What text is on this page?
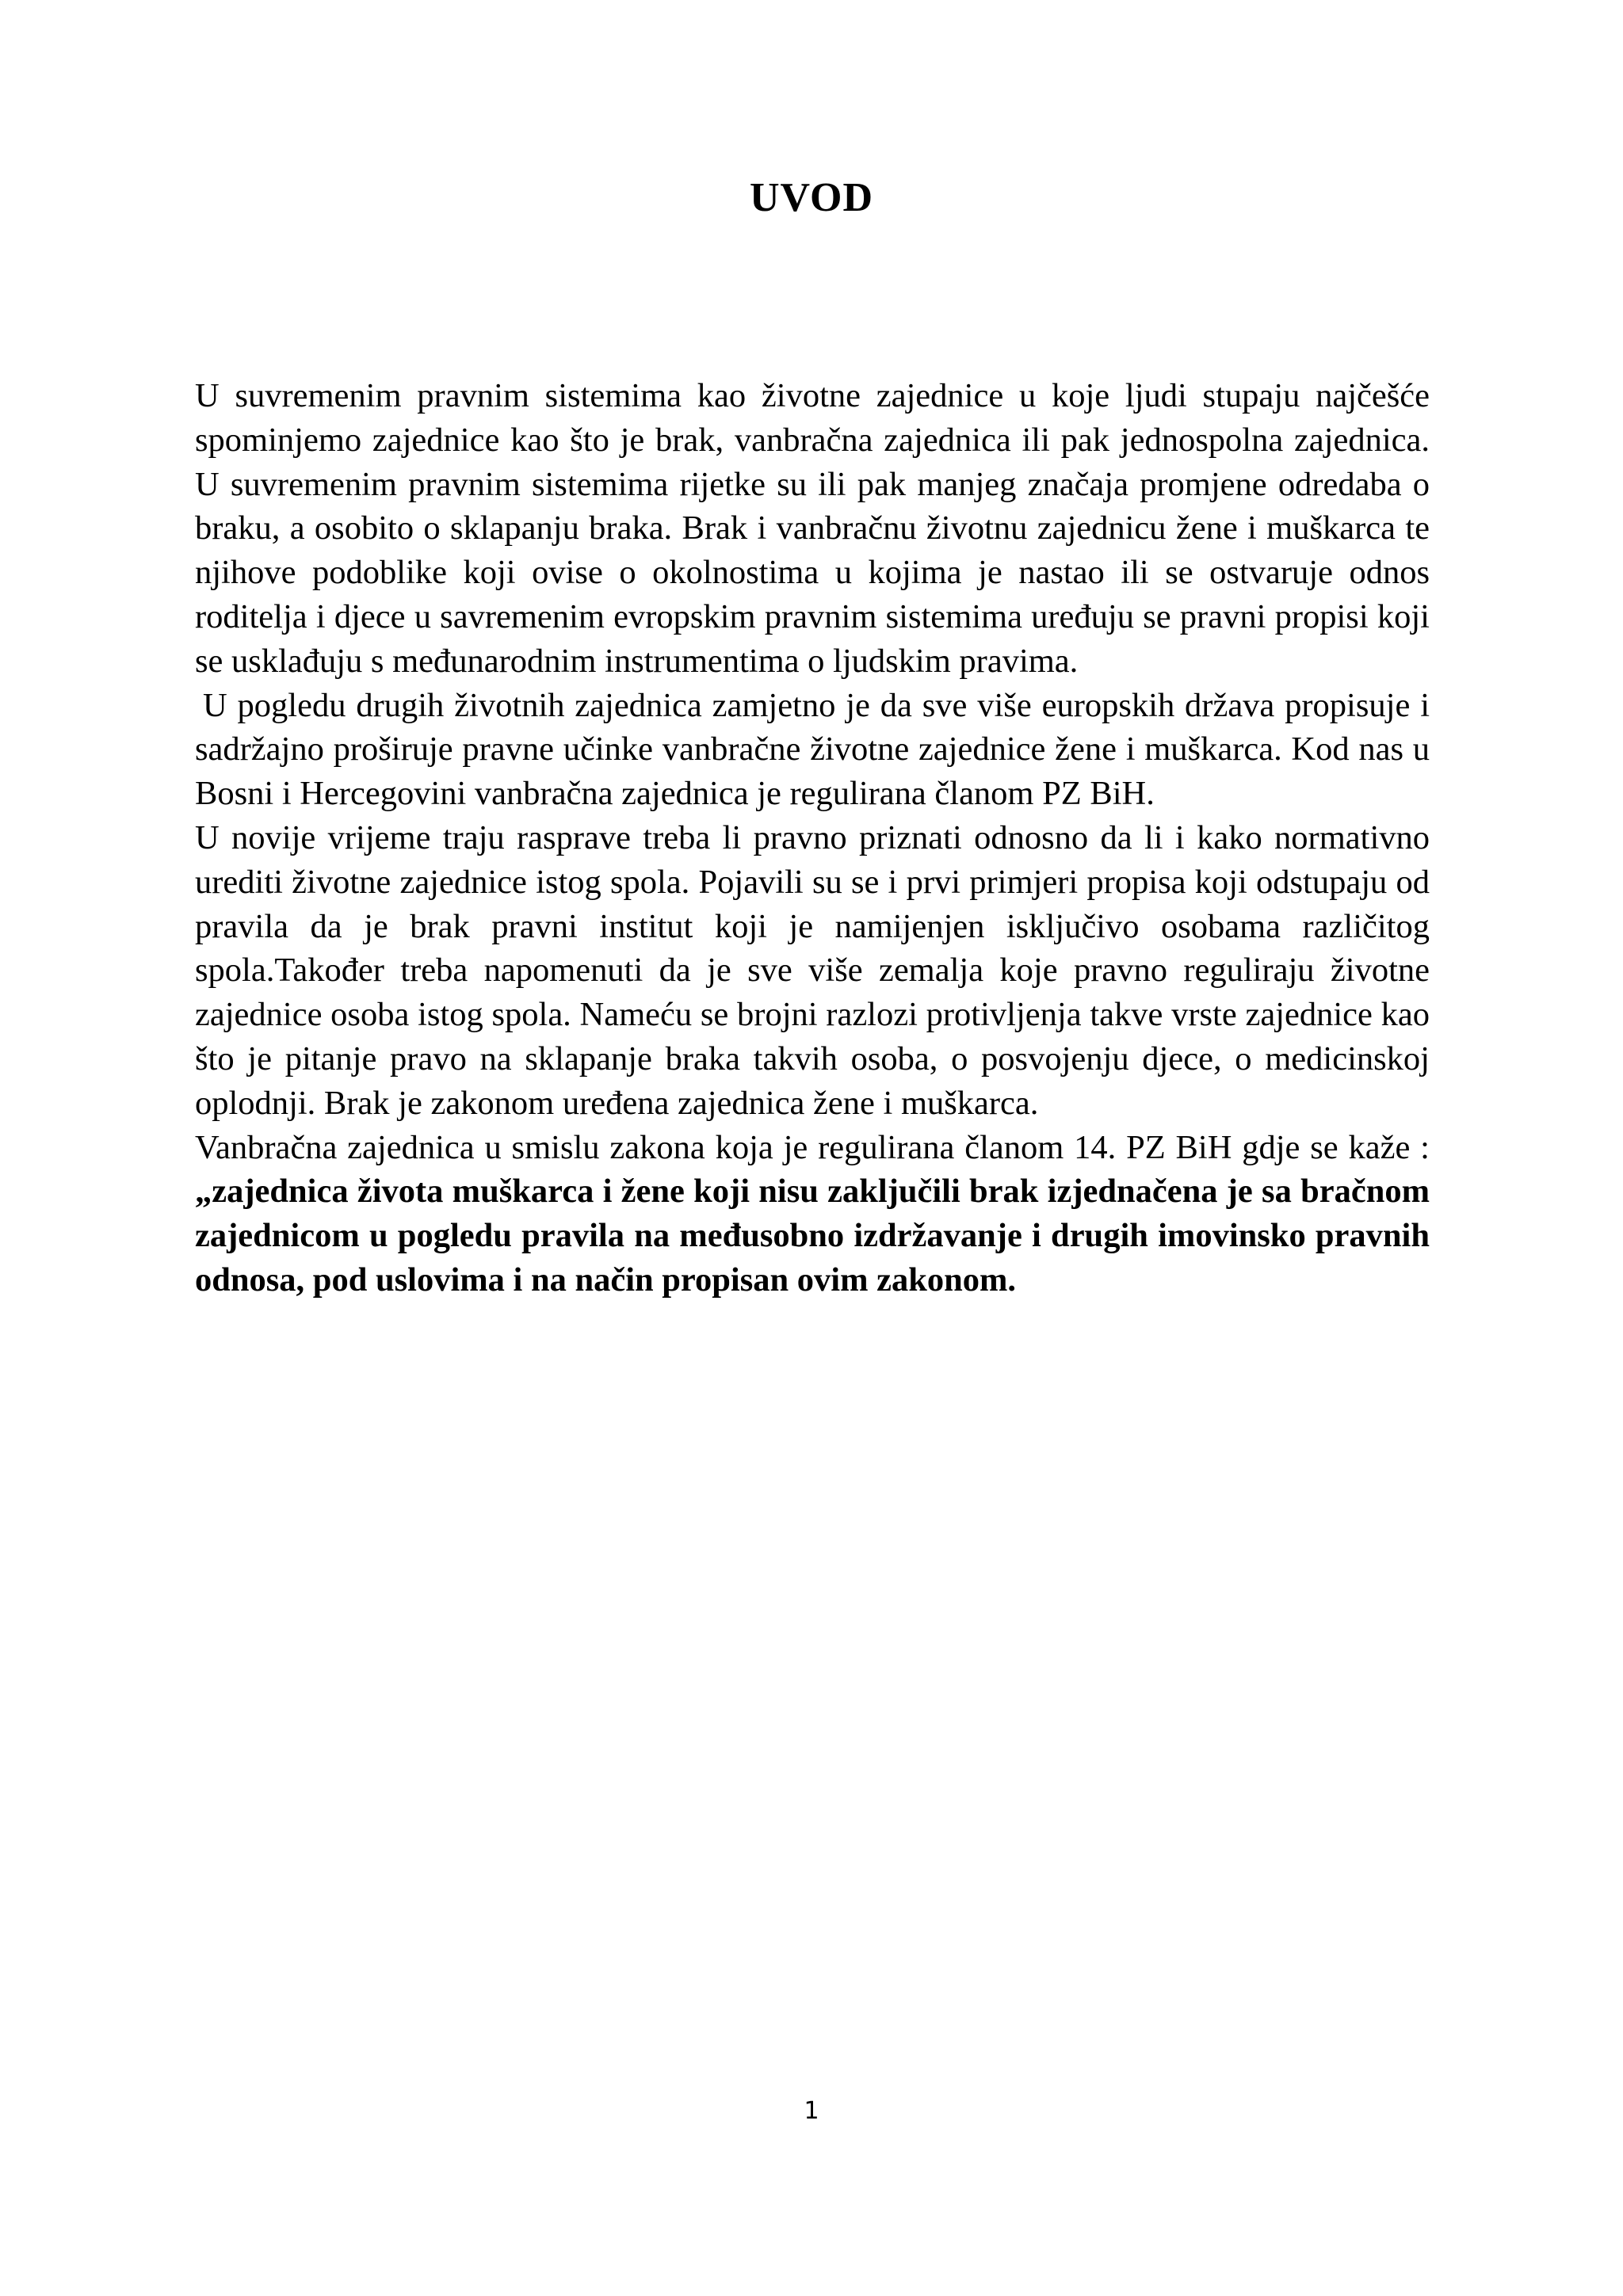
UVOD

U suvremenim pravnim sistemima kao životne zajednice u koje ljudi stupaju najčešće spominjemo zajednice kao što je brak, vanbračna zajednica ili pak jednospolna zajednica. U suvremenim pravnim sistemima rijetke su ili pak manjeg značaja promjene odredaba o braku, a osobito o sklapanju braka. Brak i vanbračnu životnu zajednicu žene i muškarca te njihove podoblike koji ovise o okolnostima u kojima je nastao ili se ostvaruje odnos roditelja i djece u savremenim evropskim pravnim sistemima uređuju se pravni propisi koji se usklađuju s međunarodnim instrumentima o ljudskim pravima.

U pogledu drugih životnih zajednica zamjetno je da sve više europskih država propisuje i sadržajno proširuje pravne učinke vanbračne životne zajednice žene i muškarca. Kod nas u Bosni i Hercegovini vanbračna zajednica je regulirana članom PZ BiH.

U novije vrijeme traju rasprave treba li pravno priznati odnosno da li i kako normativno urediti životne zajednice istog spola. Pojavili su se i prvi primjeri propisa koji odstupaju od pravila da je brak pravni institut koji je namijenjen isključivo osobama različitog spola.Također treba napomenuti da je sve više zemalja koje pravno reguliraju životne zajednice osoba istog spola. Nameću se brojni razlozi protivljenja takve vrste zajednice kao što je pitanje pravo na sklapanje braka takvih osoba, o posvojenju djece, o medicinskoj oplodnji. Brak je zakonom uređena zajednica žene i muškarca.

Vanbračna zajednica u smislu zakona koja je regulirana članom 14. PZ BiH gdje se kaže : „zajednica života muškarca i žene koji nisu zaključili brak izjednačena je sa bračnom zajednicom u pogledu pravila na međusobno izdržavanje i drugih imovinsko pravnih odnosa, pod uslovima i na način propisan ovim zakonom.

1
